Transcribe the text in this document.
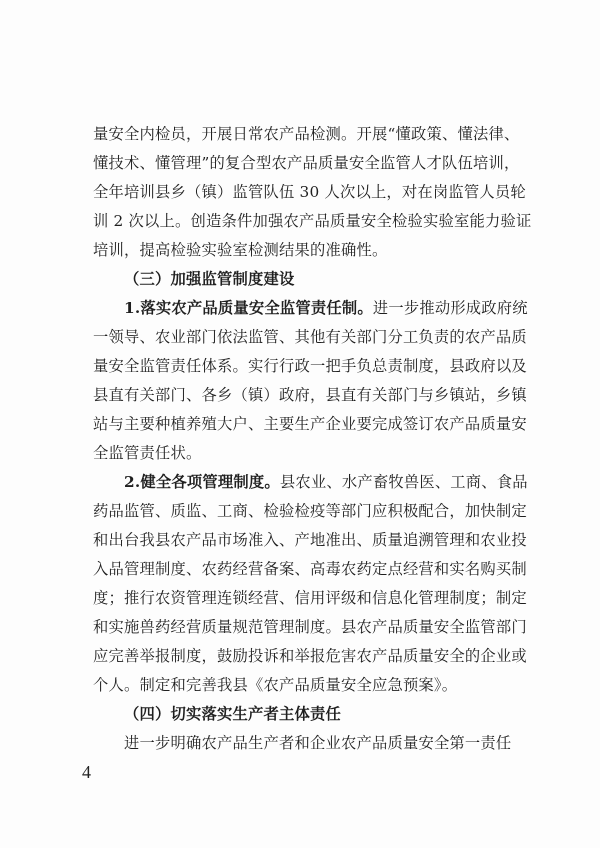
量安全内检员，开展日常农产品检测。开展“懂政策、懂法律、
懂技术、懂管理”的复合型农产品质量安全监管人才队伍培训，
全年培训县乡（镇）监管队伍 30 人次以上，对在岗监管人员轮
训 2 次以上。创造条件加强农产品质量安全检验实验室能力验证
培训，提高检验实验室检测结果的准确性。
（三）加强监管制度建设
1.落实农产品质量安全监管责任制。进一步推动形成政府统
一领导、农业部门依法监管、其他有关部门分工负责的农产品质
量安全监管责任体系。实行行政一把手负总责制度，县政府以及
县直有关部门、各乡（镇）政府，县直有关部门与乡镇站，乡镇
站与主要种植养殖大户、主要生产企业要完成签订农产品质量安
全监管责任状。
2.健全各项管理制度。县农业、水产畜牧兽医、工商、食品
药品监管、质监、工商、检验检疫等部门应积极配合，加快制定
和出台我县农产品市场准入、产地准出、质量追溯管理和农业投
入品管理制度、农药经营备案、高毒农药定点经营和实名购买制
度；推行农资管理连锁经营、信用评级和信息化管理制度；制定
和实施兽药经营质量规范管理制度。县农产品质量安全监管部门
应完善举报制度，鼓励投诉和举报危害农产品质量安全的企业或
个人。制定和完善我县《农产品质量安全应急预案》。
（四）切实落实生产者主体责任
进一步明确农产品生产者和企业农产品质量安全第一责任
4
